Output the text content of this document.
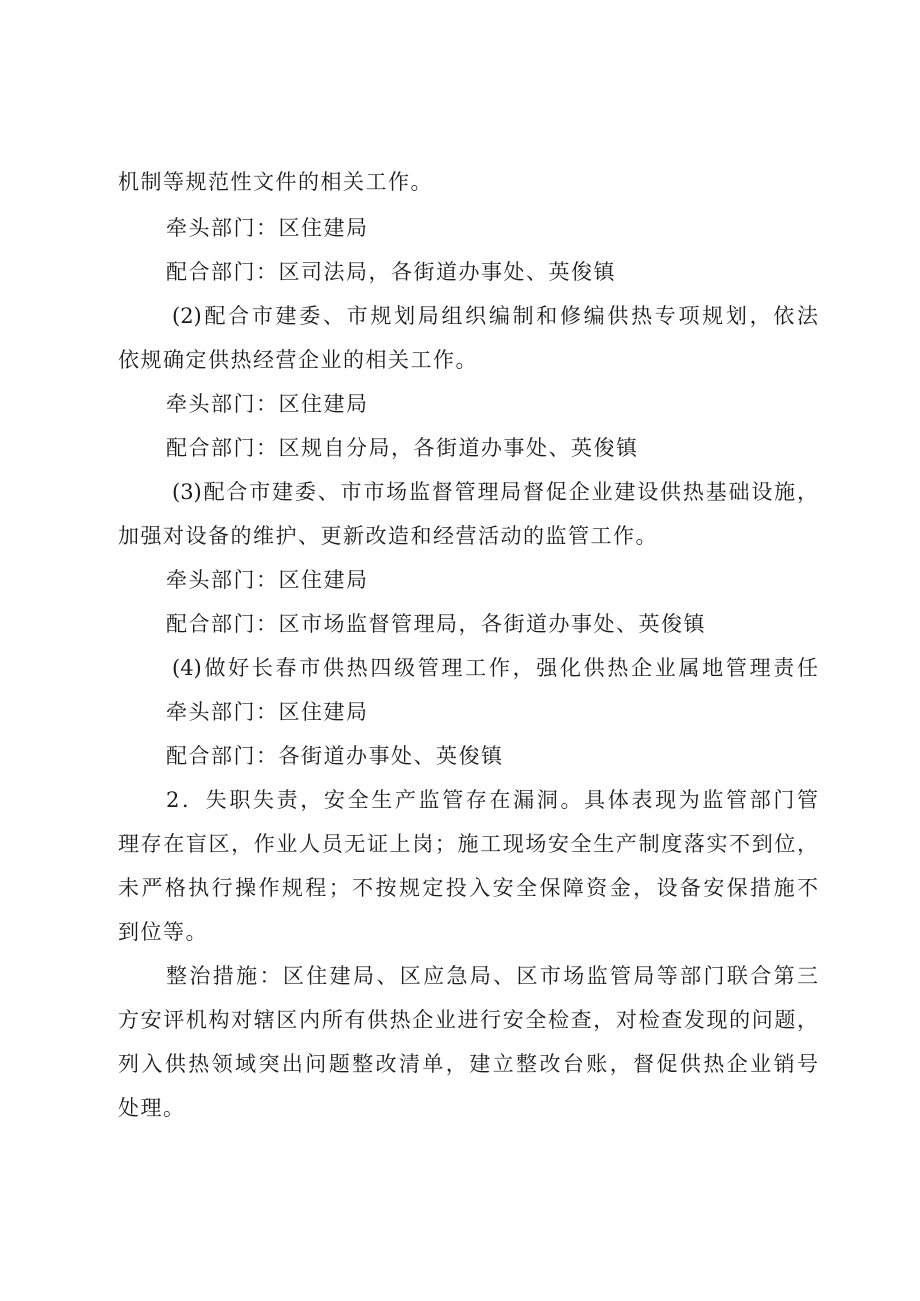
机制等规范性文件的相关工作。
牵头部门：区住建局
配合部门：区司法局，各街道办事处、英俊镇
(2)配合市建委、市规划局组织编制和修编供热专项规划，依法
依规确定供热经营企业的相关工作。
牵头部门：区住建局
配合部门：区规自分局，各街道办事处、英俊镇
(3)配合市建委、市市场监督管理局督促企业建设供热基础设施，
加强对设备的维护、更新改造和经营活动的监管工作。
牵头部门：区住建局
配合部门：区市场监督管理局，各街道办事处、英俊镇
(4)做好长春市供热四级管理工作，强化供热企业属地管理责任
牵头部门：区住建局
配合部门：各街道办事处、英俊镇
2．失职失责，安全生产监管存在漏洞。具体表现为监管部门管
理存在盲区，作业人员无证上岗；施工现场安全生产制度落实不到位，
未严格执行操作规程；不按规定投入安全保障资金，设备安保措施不
到位等。
整治措施：区住建局、区应急局、区市场监管局等部门联合第三
方安评机构对辖区内所有供热企业进行安全检查，对检查发现的问题，
列入供热领域突出问题整改清单，建立整改台账，督促供热企业销号
处理。
